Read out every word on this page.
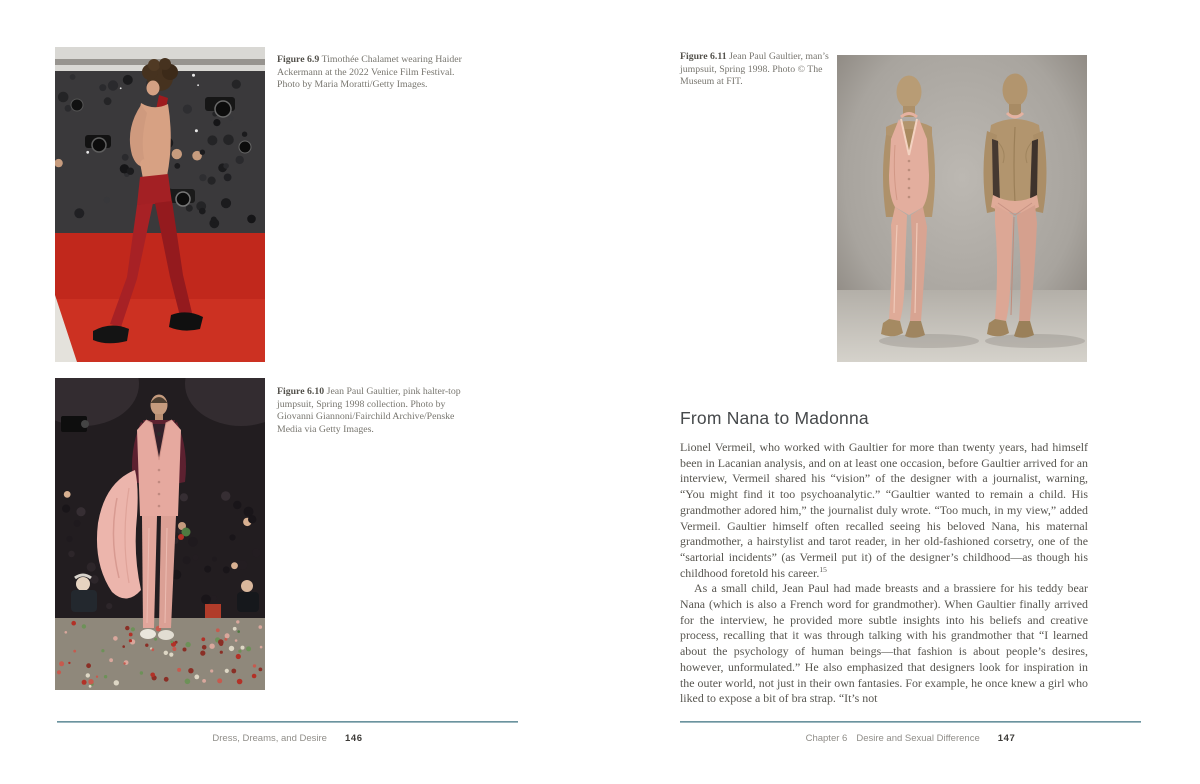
Figure 6.9 Timothée Chalamet wearing Haider Ackermann at the 2022 Venice Film Festival. Photo by Maria Moratti/Getty Images.

Figure 6.10 Jean Paul Gaultier, pink halter-top jumpsuit, Spring 1998 collection. Photo by Giovanni Giannoni/Fairchild Archive/Penske Media via Getty Images.

Dress, Dreams, and Desire 146

Figure 6.11 Jean Paul Gaultier, man’s jumpsuit, Spring 1998. Photo © The Museum at FIT.

From Nana to Madonna

Lionel Vermeil, who worked with Gaultier for more than twenty years, had himself been in Lacanian analysis, and on at least one occasion, before Gaultier arrived for an interview, Vermeil shared his “vision” of the designer with a journalist, warning, “You might find it too psychoanalytic.” “Gaultier wanted to remain a child. His grandmother adored him,” the journalist duly wrote. “Too much, in my view,” added Vermeil. Gaultier himself often recalled seeing his beloved Nana, his maternal grandmother, a hairstylist and tarot reader, in her old-fashioned corsetry, one of the “sartorial incidents” (as Vermeil put it) of the designer’s childhood—as though his childhood foretold his career.$^{15}$

As a small child, Jean Paul had made breasts and a brassiere for his teddy bear Nana (which is also a French word for grandmother). When Gaultier finally arrived for the interview, he provided more subtle insights into his beliefs and creative process, recalling that it was through talking with his grandmother that “I learned about the psychology of human beings—that fashion is about people’s desires, however, unformulated.” He also emphasized that designers look for inspiration in the outer world, not just in their own fantasies. For example, he once knew a girl who liked to expose a bit of bra strap. “It’s not

Chapter 6 Desire and Sexual Difference 147
